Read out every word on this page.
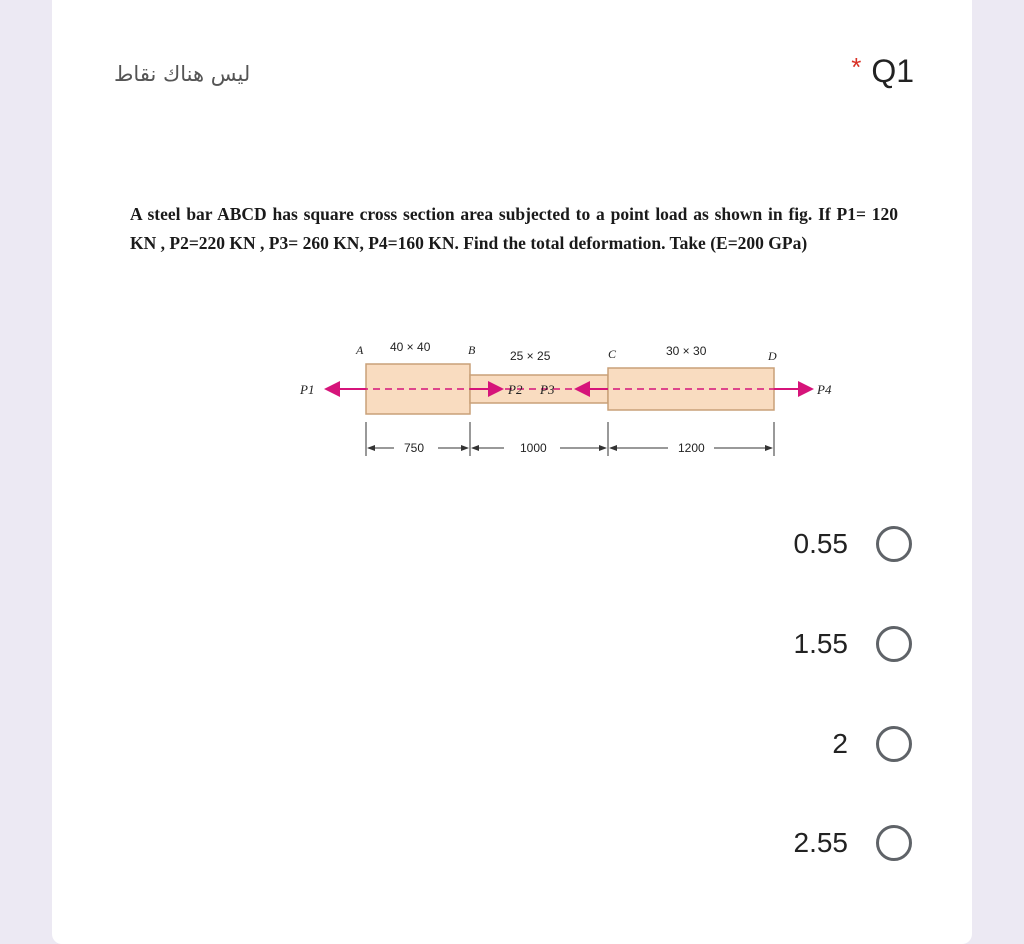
ليس هناك نقاط	* Q1
A steel bar ABCD has square cross section area subjected to a point load as shown in fig. If P1= 120 KN , P2=220 KN , P3= 260 KN, P4=160 KN. Find the total deformation. Take (E=200 GPa)
P1	P2 P3	P4
A	B	C	D
40 × 40
25 × 25	30 × 30
750	1000	1200
0.55
1.55
2
2.55
